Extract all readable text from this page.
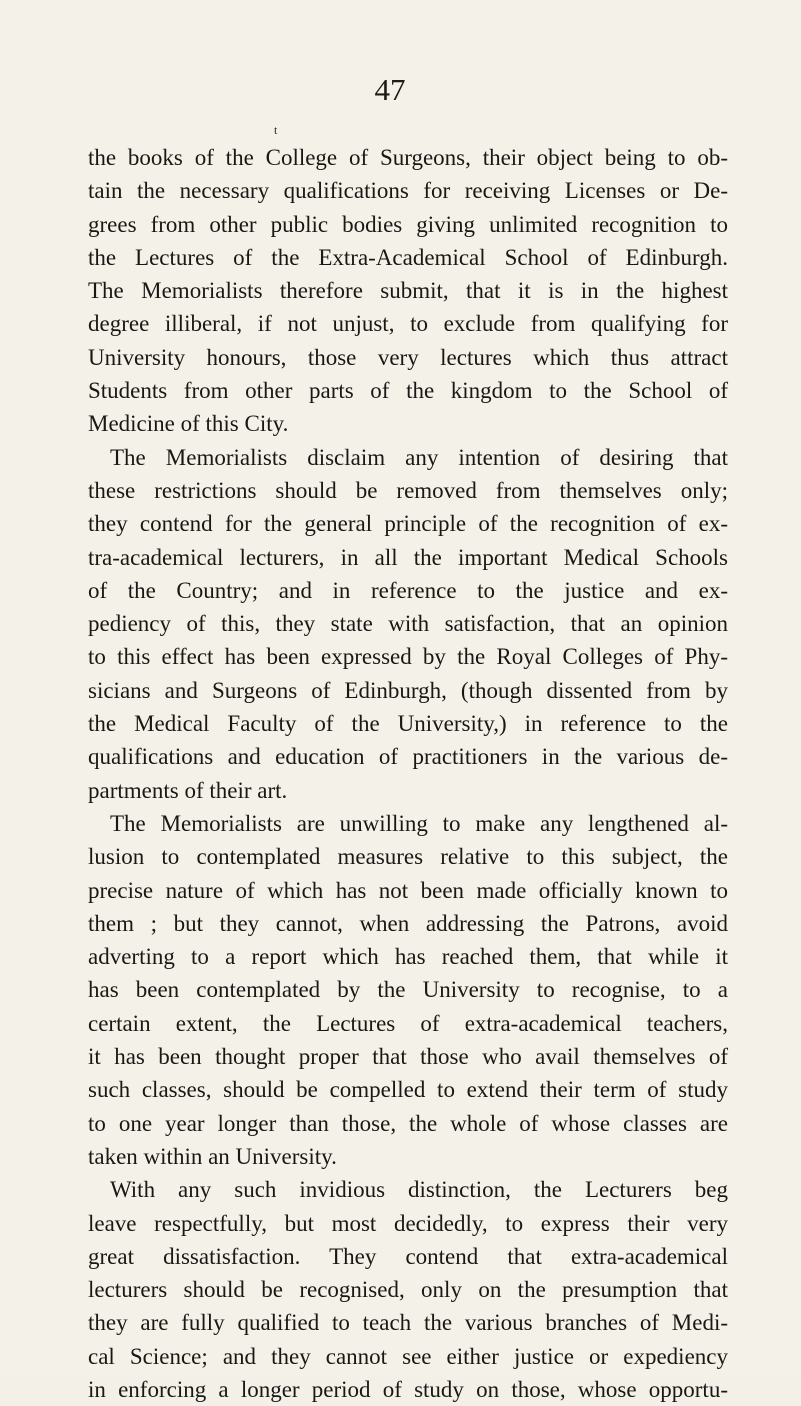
47
t
the books of the College of Surgeons, their object being to ob-
tain the necessary qualifications for receiving Licenses or De-
grees from other public bodies giving unlimited recognition to
the Lectures of the Extra-Academical School of Edinburgh.
The Memorialists therefore submit, that it is in the highest
degree illiberal, if not unjust, to exclude from qualifying for
University honours, those very lectures which thus attract
Students from other parts of the kingdom to the School of
Medicine of this City.
The Memorialists disclaim any intention of desiring that
these restrictions should be removed from themselves only;
they contend for the general principle of the recognition of ex-
tra-academical lecturers, in all the important Medical Schools
of the Country; and in reference to the justice and ex-
pediency of this, they state with satisfaction, that an opinion
to this effect has been expressed by the Royal Colleges of Phy-
sicians and Surgeons of Edinburgh, (though dissented from by
the Medical Faculty of the University,) in reference to the
qualifications and education of practitioners in the various de-
partments of their art.
The Memorialists are unwilling to make any lengthened al-
lusion to contemplated measures relative to this subject, the
precise nature of which has not been made officially known to
them ; but they cannot, when addressing the Patrons, avoid
adverting to a report which has reached them, that while it
has been contemplated by the University to recognise, to a
certain extent, the Lectures of extra-academical teachers,
it has been thought proper that those who avail themselves of
such classes, should be compelled to extend their term of study
to one year longer than those, the whole of whose classes are
taken within an University.
With any such invidious distinction, the Lecturers beg
leave respectfully, but most decidedly, to express their very
great dissatisfaction. They contend that extra-academical
lecturers should be recognised, only on the presumption that
they are fully qualified to teach the various branches of Medi-
cal Science; and they cannot see either justice or expediency
in enforcing a longer period of study on those, whose opportu-
